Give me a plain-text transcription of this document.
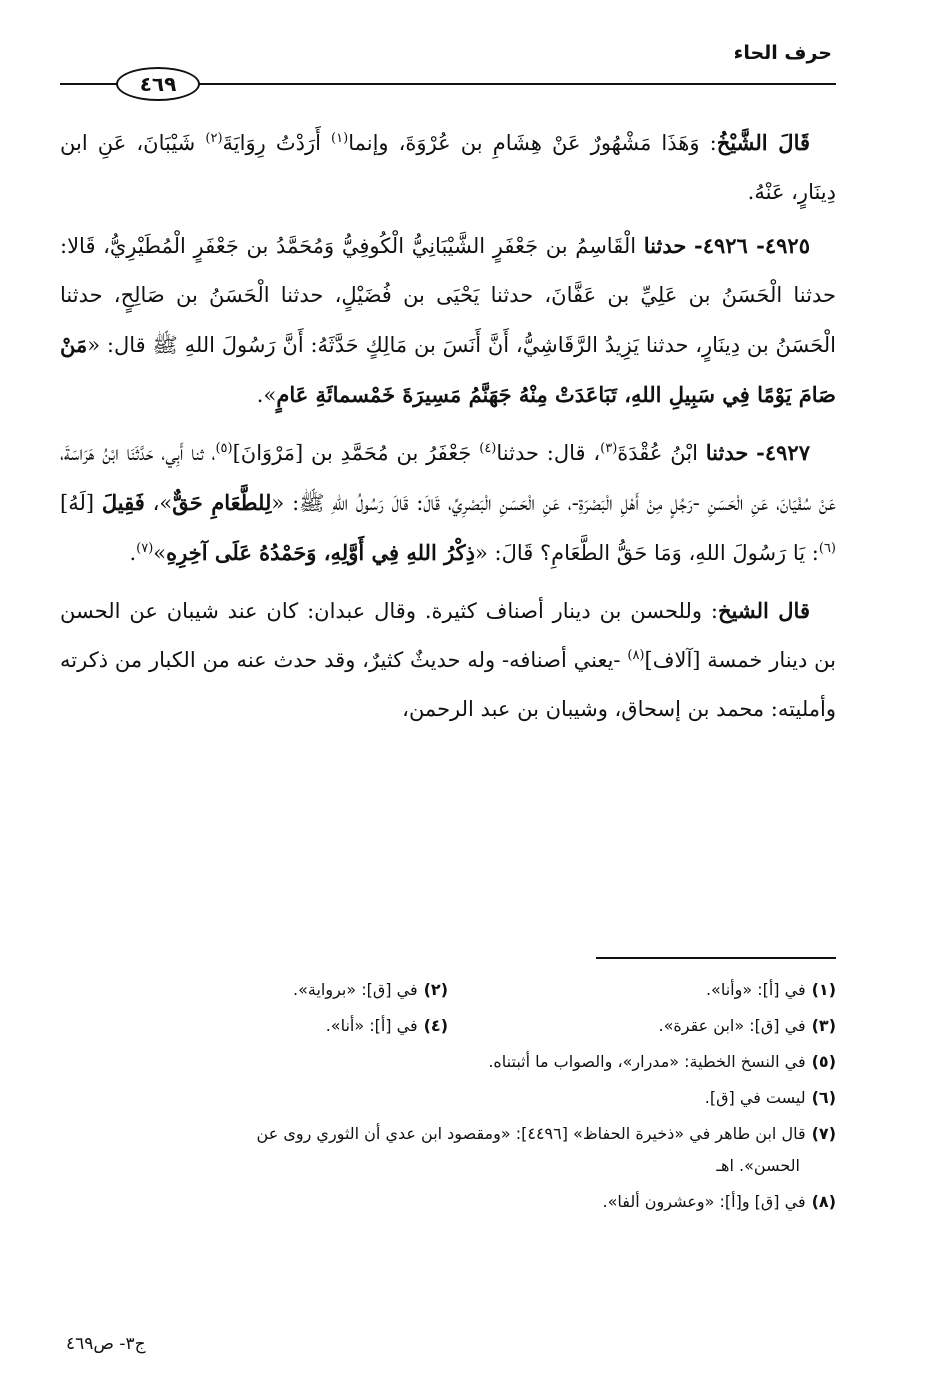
حرف الحاء
٤٦٩

قَالَ الشَّيْخُ: وَهَذَا مَشْهُورٌ عَنْ هِشَامِ بن عُرْوَةَ، وإنما$^{(١)}$ أَرَدْتُ رِوَايَةَ$^{(٢)}$ شَيْبَانَ، عَنِ ابن دِينَارٍ، عَنْهُ.

٤٩٢٥- ٤٩٢٦- حدثنا الْقَاسِمُ بن جَعْفَرٍ الشَّيْبَانِيُّ الْكُوفِيُّ وَمُحَمَّدُ بن جَعْفَرٍ الْمُطَيْرِيُّ، قَالا: حدثنا الْحَسَنُ بن عَلِيِّ بن عَفَّانَ، حدثنا يَحْيَى بن فُضَيْلٍ، حدثنا الْحَسَنُ بن صَالِحٍ، حدثنا الْحَسَنُ بن دِينَارٍ، حدثنا يَزِيدُ الرَّقَاشِيُّ، أَنَّ أَنَسَ بن مَالِكٍ حَدَّثَهُ: أَنَّ رَسُولَ اللهِ ﷺ قال: «مَنْ صَامَ يَوْمًا فِي سَبِيلِ اللهِ، تَبَاعَدَتْ مِنْهُ جَهَنَّمُ مَسِيرَةَ خَمْسمائَةِ عَامٍ».

٤٩٢٧- حدثنا ابْنُ عُقْدَةَ$^{(٣)}$، قال: حدثنا$^{(٤)}$ جَعْفَرُ بن مُحَمَّدِ بن [مَرْوَانَ]$^{(٥)}$، ثنا أَبِي، حَدَّثَنَا ابْنُ هَرَاسَةَ، عَنْ سُفْيَانَ، عَنِ الْحَسَنِ -رَجُلٍ مِنْ أَهْلِ الْبَصْرَةِ-، عَنِ الْحَسَنِ الْبَصْرِيِّ، قَالَ: قَالَ رَسُولُ اللهِ ﷺ: «لِلطَّعَامِ حَقٌّ»، فَقِيلَ [لَهُ]$^{(٦)}$: يَا رَسُولَ اللهِ، وَمَا حَقُّ الطَّعَامِ؟ قَالَ: «ذِكْرُ اللهِ فِي أَوَّلِهِ، وَحَمْدُهُ عَلَى آخِرِهِ»$^{(٧)}$.

قال الشيخ: وللحسن بن دينار أصناف كثيرة. وقال عبدان: كان عند شيبان عن الحسن بن دينار خمسة [آلاف]$^{(٨)}$ -يعني أصنافه- وله حديثٌ كثيرٌ، وقد حدث عنه من الكبار من ذكرته وأمليته: محمد بن إسحاق، وشيبان بن عبد الرحمن،

(١)في [أ]: «وأنا».
(٢)في [ق]: «برواية».
(٣)في [ق]: «ابن عقرة».
(٤)في [أ]: «أنا».
(٥)في النسخ الخطية: «مدرار»، والصواب ما أثبتناه.
(٦)ليست في [ق].
(٧)قال ابن طاهر في «ذخيرة الحفاظ» [٤٤٩٦]: «ومقصود ابن عدي أن الثوري روى عن
الحسن». اهـ
(٨)في [ق] و[أ]: «وعشرون ألفا».
ج٣- ص٤٦٩
